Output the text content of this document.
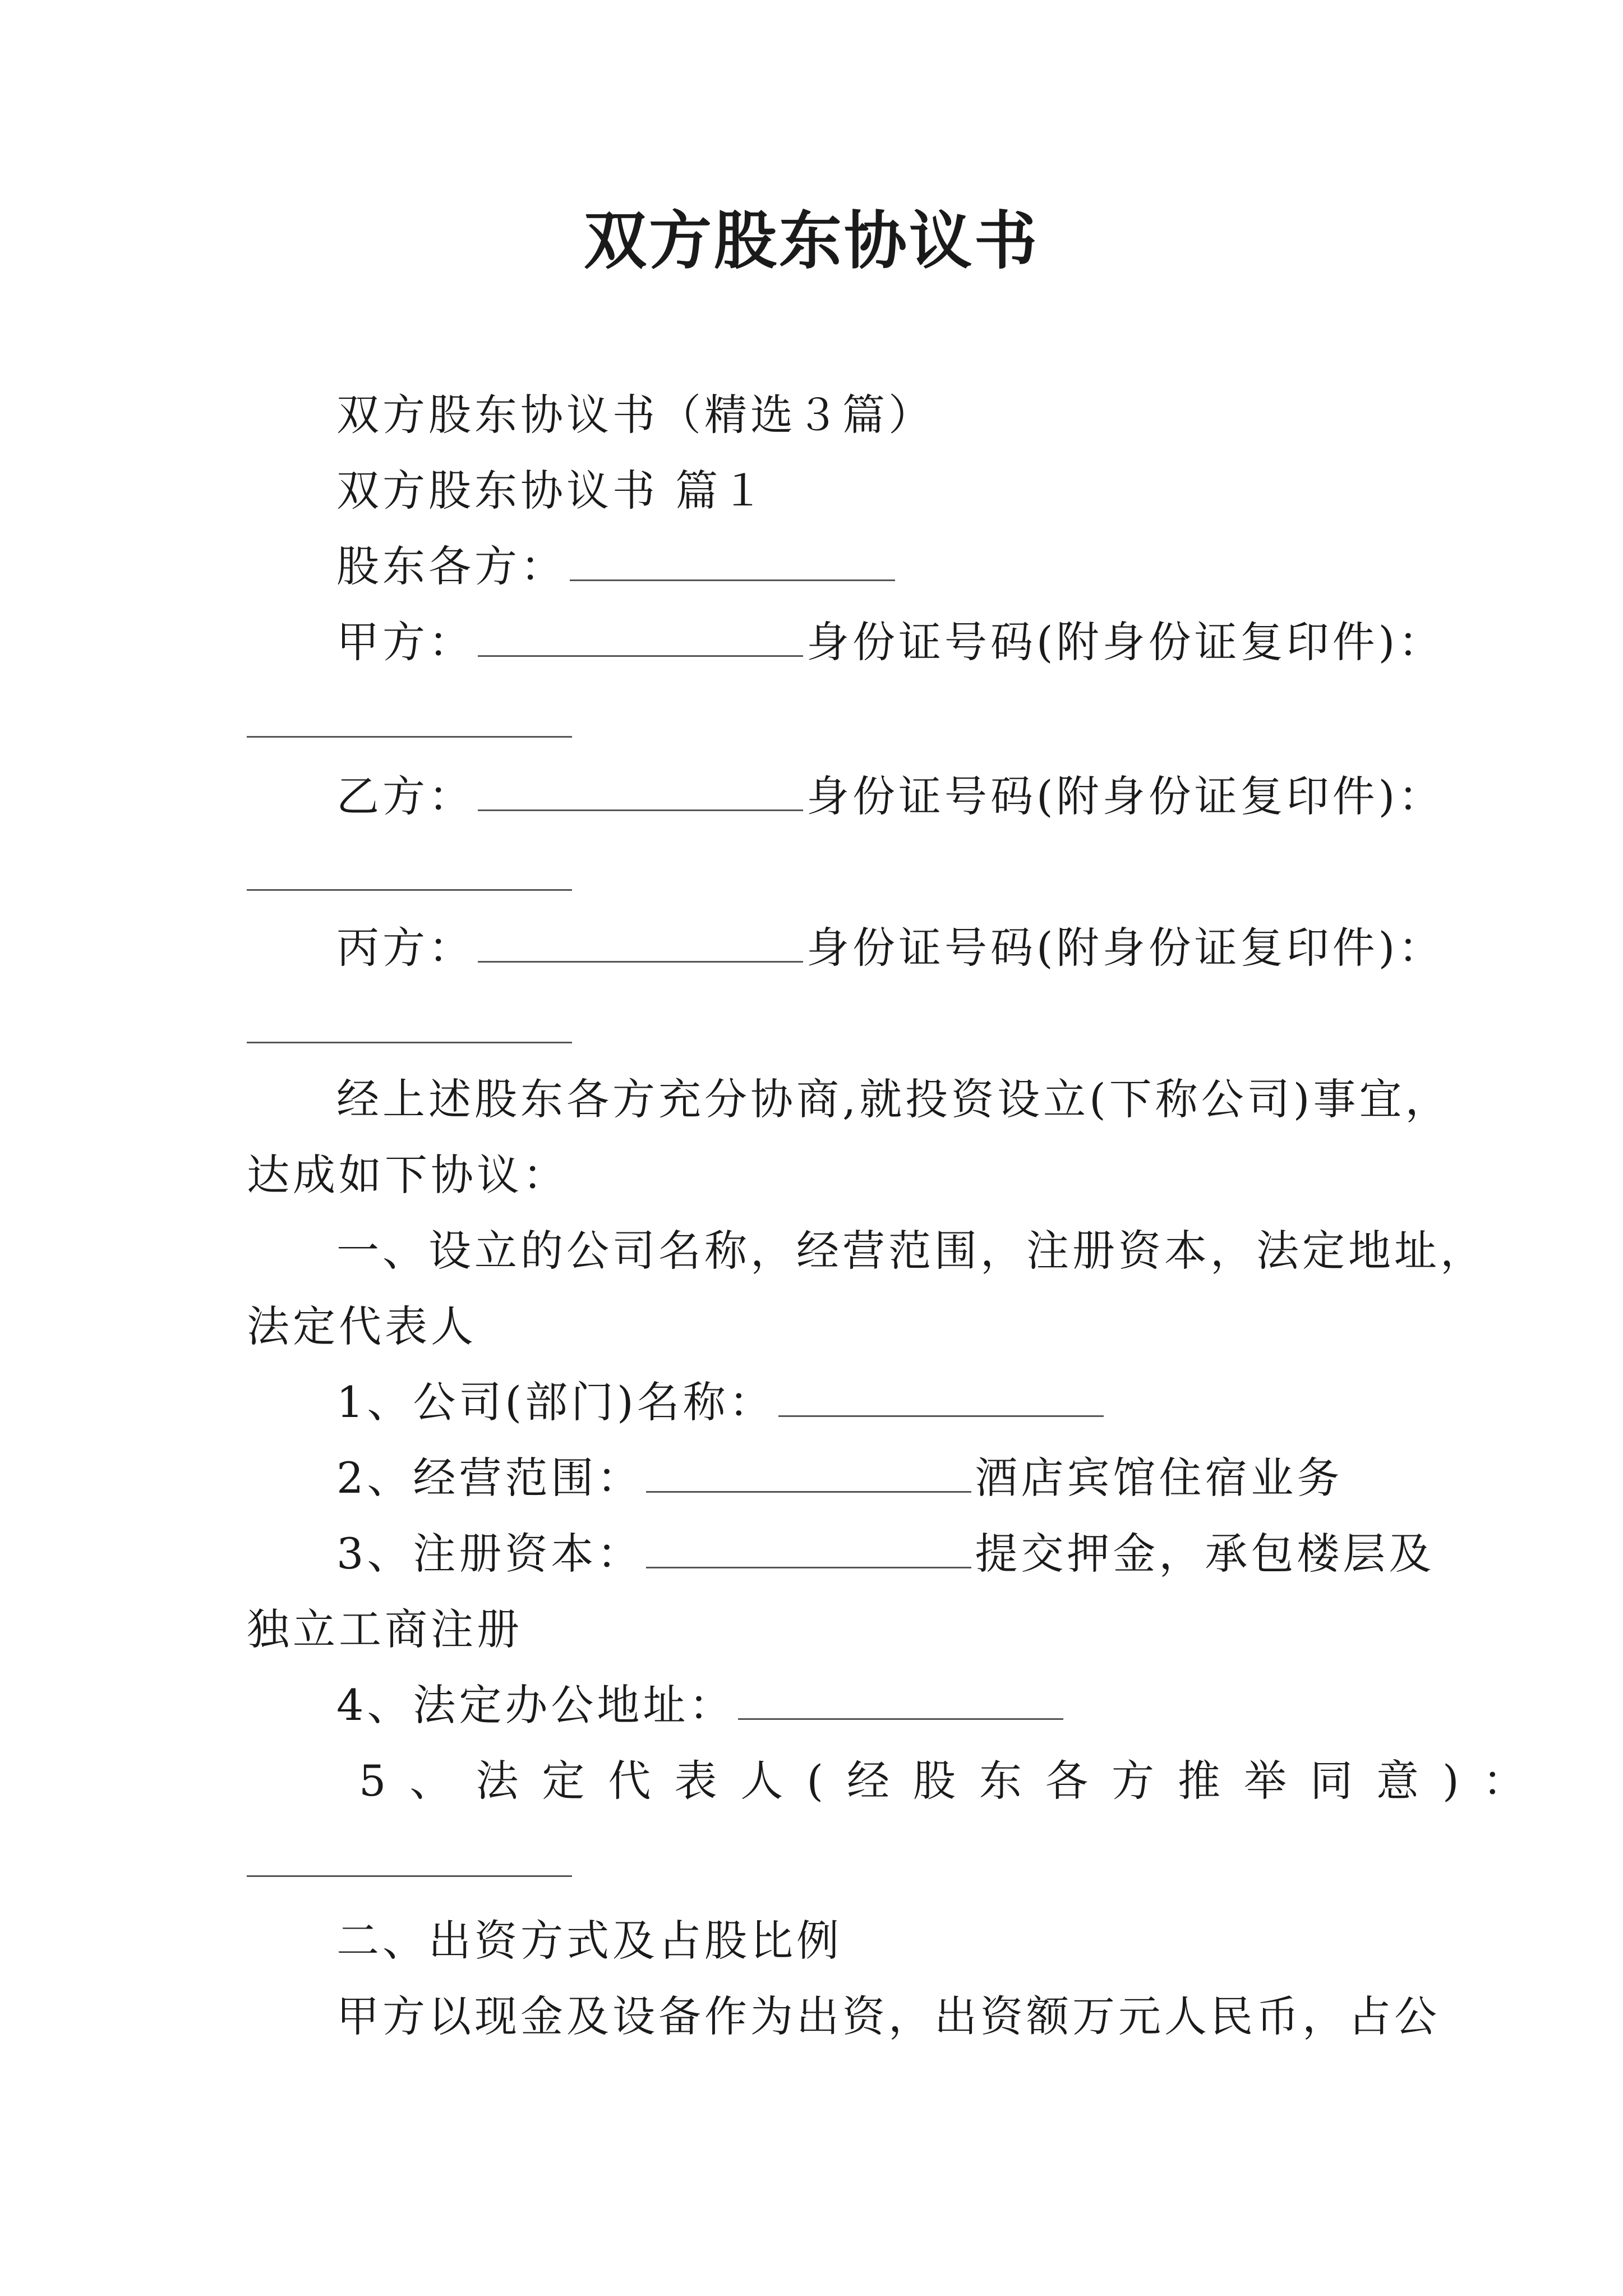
双方股东协议书
双方股东协议书（精选３篇）
双方股东协议书 篇１
股东各方：
甲方：	身份证号码(附身份证复印件)：
乙方：	身份证号码(附身份证复印件)：
丙方：	身份证号码(附身份证复印件)：
经上述股东各方充分协商,就投资设立(下称公司)事宜，
达成如下协议：
一、设立的公司名称，经营范围，注册资本，法定地址，
法定代表人
1、公司(部门)名称：
2、经营范围：	酒店宾馆住宿业务
3、注册资本：	提交押金，承包楼层及
独立工商注册
4、法定办公地址：
5、法定代表人(经股东各方推举同意)：
二、出资方式及占股比例
甲方以现金及设备作为出资，出资额万元人民币，占公
